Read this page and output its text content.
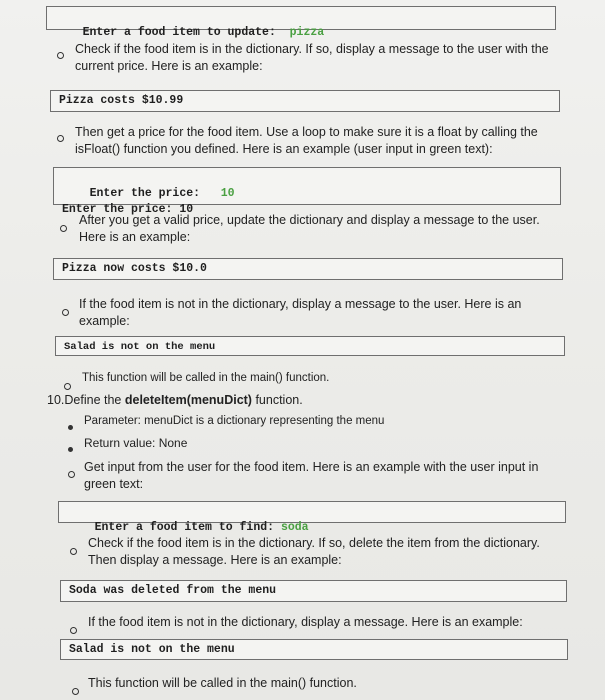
Enter a food item to update: pizza

Check if the food item is in the dictionary. If so, display a message to the user with the current price. Here is an example:
Pizza costs $10.99
Then get a price for the food item. Use a loop to make sure it is a float by calling the isFloat() function you defined. Here is an example (user input in green text):

Enter the price: 10
Enter the price: 10

After you get a valid price, update the dictionary and display a message to the user. Here is an example:
Pizza now costs $10.0
If the food item is not in the dictionary, display a message to the user. Here is an example:
Salad is not on the menu
This function will be called in the main() function.
10.Define the deleteItem(menuDict) function.
Parameter: menuDict is a dictionary representing the menu
Return value: None
Get input from the user for the food item. Here is an example with the user input in green text:

Enter a food item to find: soda

Check if the food item is in the dictionary. If so, delete the item from the dictionary. Then display a message. Here is an example:
Soda was deleted from the menu
If the food item is not in the dictionary, display a message. Here is an example:
Salad is not on the menu
This function will be called in the main() function.
